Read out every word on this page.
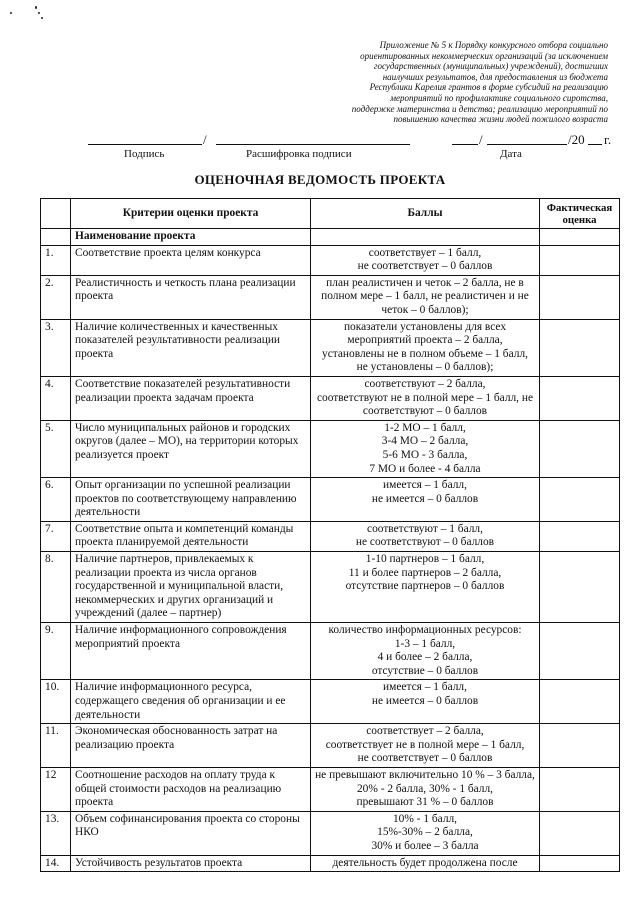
Приложение № 5 к Порядку конкурсного отбора социально
ориентированных некоммерческих организаций (за исключением
государственных (муниципальных) учреждений), достигших
наилучших результатов, для предоставления из бюджета
Республики Карелия грантов в форме субсидий на реализацию
мероприятий по профилактике социального сиротства,
поддержке материнства и детства; реализацию мероприятий по
повышению качества жизни людей пожилого возраста
/	/	/20 г.
Подпись	Расшифровка подписи	Дата
ОЦЕНОЧНАЯ ВЕДОМОСТЬ ПРОЕКТА
	Критерии оценки проекта	Баллы	Фактическая
оценка

	Наименование проекта		
1.	Соответствие проекта целям конкурса	соответствует – 1 балл,
не соответствует – 0 баллов	

2.	Реалистичность и четкость плана реализации проекта	план реалистичен и четок – 2 балла, не в полном мере – 1 балл, не реалистичен и не четок – 0 баллов);	

3.	Наличие количественных и качественных показателей результативности реализации проекта	показатели установлены для всех мероприятий проекта – 2 балла,
установлены не в полном объеме – 1 балл,
не установлены – 0 баллов);	

4.	Соответствие показателей результативности реализации проекта задачам проекта	соответствуют – 2 балла,
соответствуют не в полной мере – 1 балл, не соответствуют – 0 баллов	

5.	Число муниципальных районов и городских округов (далее – МО), на территории которых реализуется проект	1-2 МО – 1 балл,
3-4 МО – 2 балла,
5-6 МО - 3 балла,
7 МО и более - 4 балла	

6.	Опыт организации по успешной реализации проектов по соответствующему направлению деятельности	имеется – 1 балл,
не имеется – 0 баллов	

7.	Соответствие опыта и компетенций команды проекта планируемой деятельности	соответствуют – 1 балл,
не соответствуют – 0 баллов	

8.	Наличие партнеров, привлекаемых к реализации проекта из числа органов государственной и муниципальной власти, некоммерческих и других организаций и учреждений (далее – партнер)	1-10 партнеров – 1 балл,
11 и более партнеров – 2 балла,
отсутствие партнеров – 0 баллов	

9.	Наличие информационного сопровождения мероприятий проекта	количество информационных ресурсов:
1-3 – 1 балл,
4 и более – 2 балла,
отсутствие – 0 баллов	

10.	Наличие информационного ресурса, содержащего сведения об организации и ее деятельности	имеется – 1 балл,
не имеется – 0 баллов	

11.	Экономическая обоснованность затрат на реализацию проекта	соответствует – 2 балла,
соответствует не в полной мере – 1 балл,
не соответствует – 0 баллов	

12	Соотношение расходов на оплату труда к общей стоимости расходов на реализацию проекта	не превышают включительно 10 % – 3 балла, 20% - 2 балла, 30% - 1 балл,
превышают 31 % – 0 баллов	

13.	Объем софинансирования проекта со стороны НКО	10% - 1 балл,
15%-30% – 2 балла,
30% и более – 3 балла	

14.	Устойчивость результатов проекта	деятельность будет продолжена после	
